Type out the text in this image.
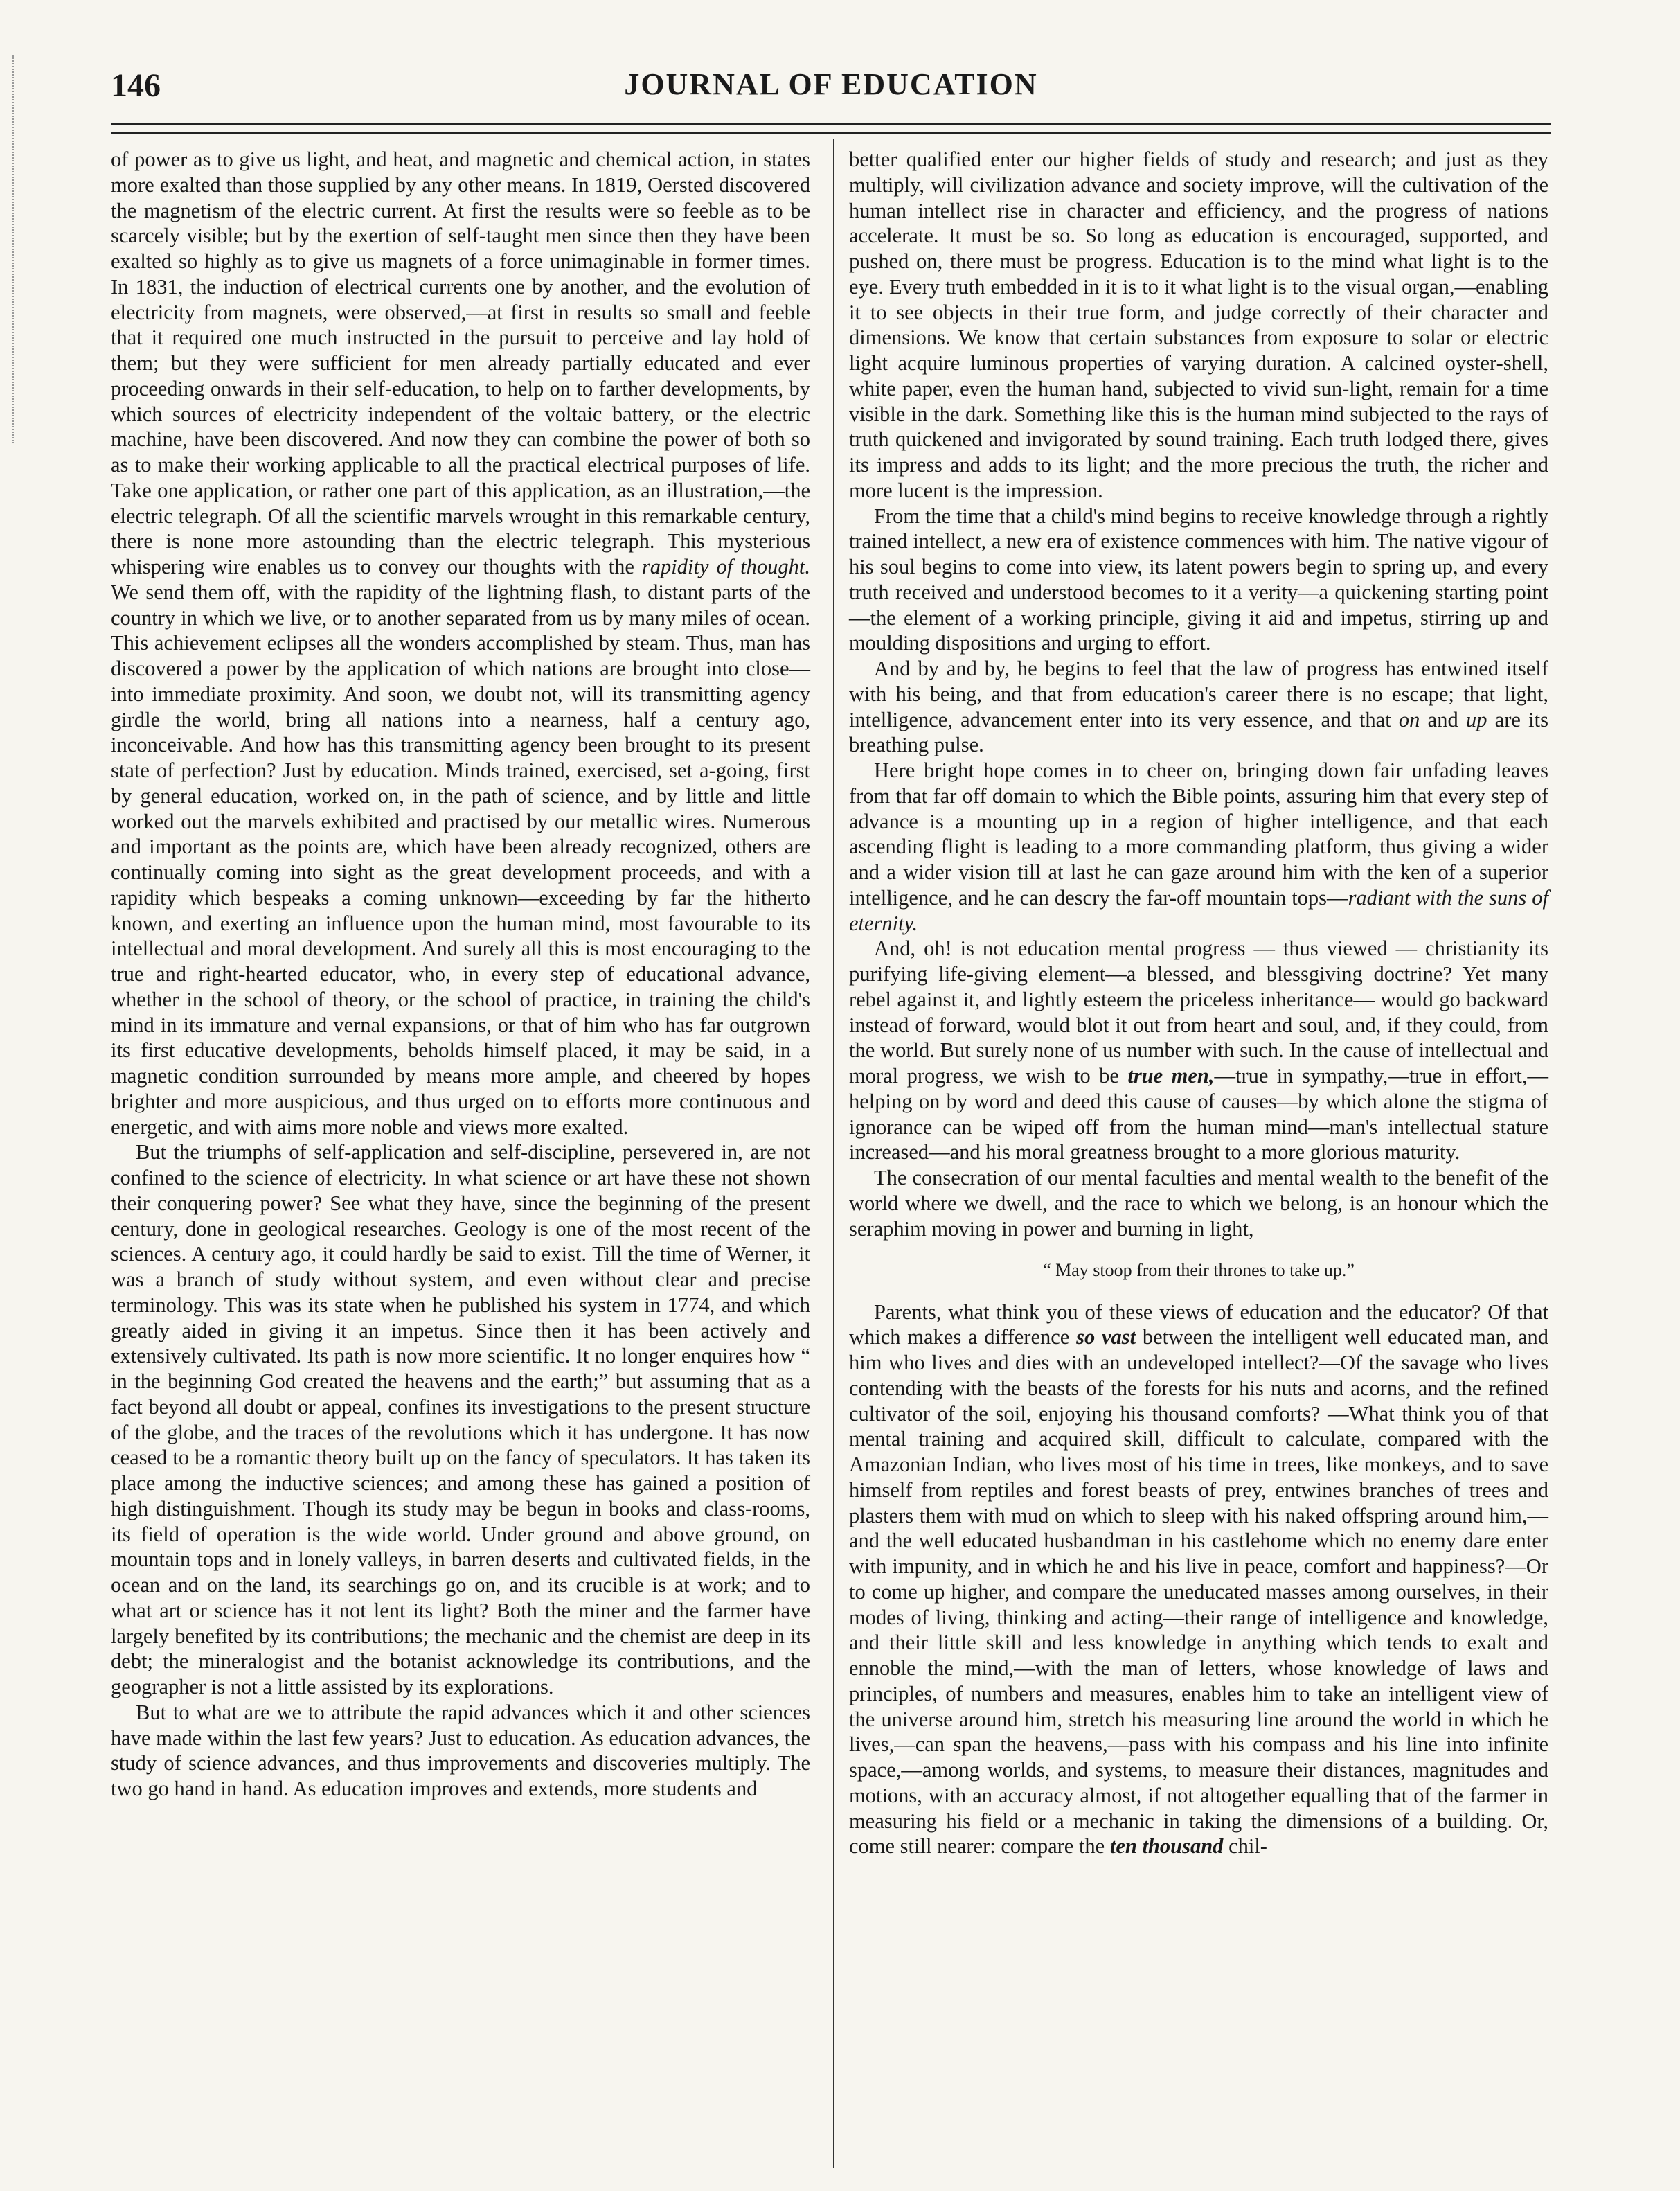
146	JOURNAL OF EDUCATION

of power as to give us light, and heat, and magnetic and chemical action, in states more exalted than those supplied by any other means. In 1819, Oersted discovered the magnetism of the electric current. At first the results were so feeble as to be scarcely visible; but by the exertion of self-taught men since then they have been exalted so highly as to give us magnets of a force unimaginable in former times. In 1831, the induction of electrical currents one by another, and the evolution of electricity from magnets, were observed,—at first in results so small and feeble that it required one much instructed in the pursuit to perceive and lay hold of them; but they were sufficient for men already partially educated and ever proceeding onwards in their self-education, to help on to farther developments, by which sources of electricity independent of the voltaic battery, or the electric machine, have been discovered. And now they can combine the power of both so as to make their working applicable to all the practical electrical purposes of life. Take one application, or rather one part of this application, as an illustration,—the electric telegraph. Of all the scientific marvels wrought in this remarkable century, there is none more astounding than the electric telegraph. This mysterious whispering wire enables us to convey our thoughts with the rapidity of thought. We send them off, with the rapidity of the lightning flash, to distant parts of the country in which we live, or to another separated from us by many miles of ocean. This achievement eclipses all the wonders accomplished by steam. Thus, man has discovered a power by the application of which nations are brought into close—into immediate proximity. And soon, we doubt not, will its transmitting agency girdle the world, bring all nations into a nearness, half a century ago, inconceivable. And how has this transmitting agency been brought to its present state of perfection? Just by education. Minds trained, exercised, set a-going, first by general education, worked on, in the path of science, and by little and little worked out the marvels exhibited and practised by our metallic wires. Numerous and important as the points are, which have been already recognized, others are continually coming into sight as the great development proceeds, and with a rapidity which bespeaks a coming unknown—exceeding by far the hitherto known, and exerting an influence upon the human mind, most favourable to its intellectual and moral development. And surely all this is most encouraging to the true and right-hearted educator, who, in every step of educational advance, whether in the school of theory, or the school of practice, in training the child's mind in its immature and vernal expansions, or that of him who has far outgrown its first educative developments, beholds himself placed, it may be said, in a magnetic condition surrounded by means more ample, and cheered by hopes brighter and more auspicious, and thus urged on to efforts more continuous and energetic, and with aims more noble and views more exalted.

But the triumphs of self-application and self-discipline, persevered in, are not confined to the science of electricity. In what science or art have these not shown their conquering power? See what they have, since the beginning of the present century, done in geological researches. Geology is one of the most recent of the sciences. A century ago, it could hardly be said to exist. Till the time of Werner, it was a branch of study without system, and even without clear and precise terminology. This was its state when he published his system in 1774, and which greatly aided in giving it an impetus. Since then it has been actively and extensively cultivated. Its path is now more scientific. It no longer enquires how “ in the beginning God created the heavens and the earth;” but assuming that as a fact beyond all doubt or appeal, confines its investigations to the present structure of the globe, and the traces of the revolutions which it has undergone. It has now ceased to be a romantic theory built up on the fancy of speculators. It has taken its place among the inductive sciences; and among these has gained a position of high distinguishment. Though its study may be begun in books and class-rooms, its field of operation is the wide world. Under ground and above ground, on mountain tops and in lonely valleys, in barren deserts and cultivated fields, in the ocean and on the land, its searchings go on, and its crucible is at work; and to what art or science has it not lent its light? Both the miner and the farmer have largely benefited by its contributions; the mechanic and the chemist are deep in its debt; the mineralogist and the botanist acknowledge its contributions, and the geographer is not a little assisted by its explorations.

But to what are we to attribute the rapid advances which it and other sciences have made within the last few years? Just to education. As education advances, the study of science advances, and thus improvements and discoveries multiply. The two go hand in hand. As education improves and extends, more students and

better qualified enter our higher fields of study and research; and just as they multiply, will civilization advance and society improve, will the cultivation of the human intellect rise in character and efficiency, and the progress of nations accelerate. It must be so. So long as education is encouraged, supported, and pushed on, there must be progress. Education is to the mind what light is to the eye. Every truth embedded in it is to it what light is to the visual organ,—enabling it to see objects in their true form, and judge correctly of their character and dimensions. We know that certain substances from exposure to solar or electric light acquire luminous properties of varying duration. A calcined oyster-shell, white paper, even the human hand, subjected to vivid sun-light, remain for a time visible in the dark. Something like this is the human mind subjected to the rays of truth quickened and invigorated by sound training. Each truth lodged there, gives its impress and adds to its light; and the more precious the truth, the richer and more lucent is the impression.

From the time that a child's mind begins to receive knowledge through a rightly trained intellect, a new era of existence commences with him. The native vigour of his soul begins to come into view, its latent powers begin to spring up, and every truth received and understood becomes to it a verity—a quickening starting point—the element of a working principle, giving it aid and impetus, stirring up and moulding dispositions and urging to effort.

And by and by, he begins to feel that the law of progress has entwined itself with his being, and that from education's career there is no escape; that light, intelligence, advancement enter into its very essence, and that on and up are its breathing pulse.

Here bright hope comes in to cheer on, bringing down fair unfading leaves from that far off domain to which the Bible points, assuring him that every step of advance is a mounting up in a region of higher intelligence, and that each ascending flight is leading to a more commanding platform, thus giving a wider and a wider vision till at last he can gaze around him with the ken of a superior intelligence, and he can descry the far-off mountain tops—radiant with the suns of eternity.

And, oh! is not education mental progress — thus viewed — christianity its purifying life-giving element—a blessed, and blessgiving doctrine? Yet many rebel against it, and lightly esteem the priceless inheritance— would go backward instead of forward, would blot it out from heart and soul, and, if they could, from the world. But surely none of us number with such. In the cause of intellectual and moral progress, we wish to be true men,—true in sympathy,—true in effort,—helping on by word and deed this cause of causes—by which alone the stigma of ignorance can be wiped off from the human mind—man's intellectual stature increased—and his moral greatness brought to a more glorious maturity.

The consecration of our mental faculties and mental wealth to the benefit of the world where we dwell, and the race to which we belong, is an honour which the seraphim moving in power and burning in light,

“ May stoop from their thrones to take up.”

Parents, what think you of these views of education and the educator? Of that which makes a difference so vast between the intelligent well educated man, and him who lives and dies with an undeveloped intellect?—Of the savage who lives contending with the beasts of the forests for his nuts and acorns, and the refined cultivator of the soil, enjoying his thousand comforts? —What think you of that mental training and acquired skill, difficult to calculate, compared with the Amazonian Indian, who lives most of his time in trees, like monkeys, and to save himself from reptiles and forest beasts of prey, entwines branches of trees and plasters them with mud on which to sleep with his naked offspring around him,—and the well educated husbandman in his castlehome which no enemy dare enter with impunity, and in which he and his live in peace, comfort and happiness?—Or to come up higher, and compare the uneducated masses among ourselves, in their modes of living, thinking and acting—their range of intelligence and knowledge, and their little skill and less knowledge in anything which tends to exalt and ennoble the mind,—with the man of letters, whose knowledge of laws and principles, of numbers and measures, enables him to take an intelligent view of the universe around him, stretch his measuring line around the world in which he lives,—can span the heavens,—pass with his compass and his line into infinite space,—among worlds, and systems, to measure their distances, magnitudes and motions, with an accuracy almost, if not altogether equalling that of the farmer in measuring his field or a mechanic in taking the dimensions of a building. Or, come still nearer: compare the ten thousand chil-
